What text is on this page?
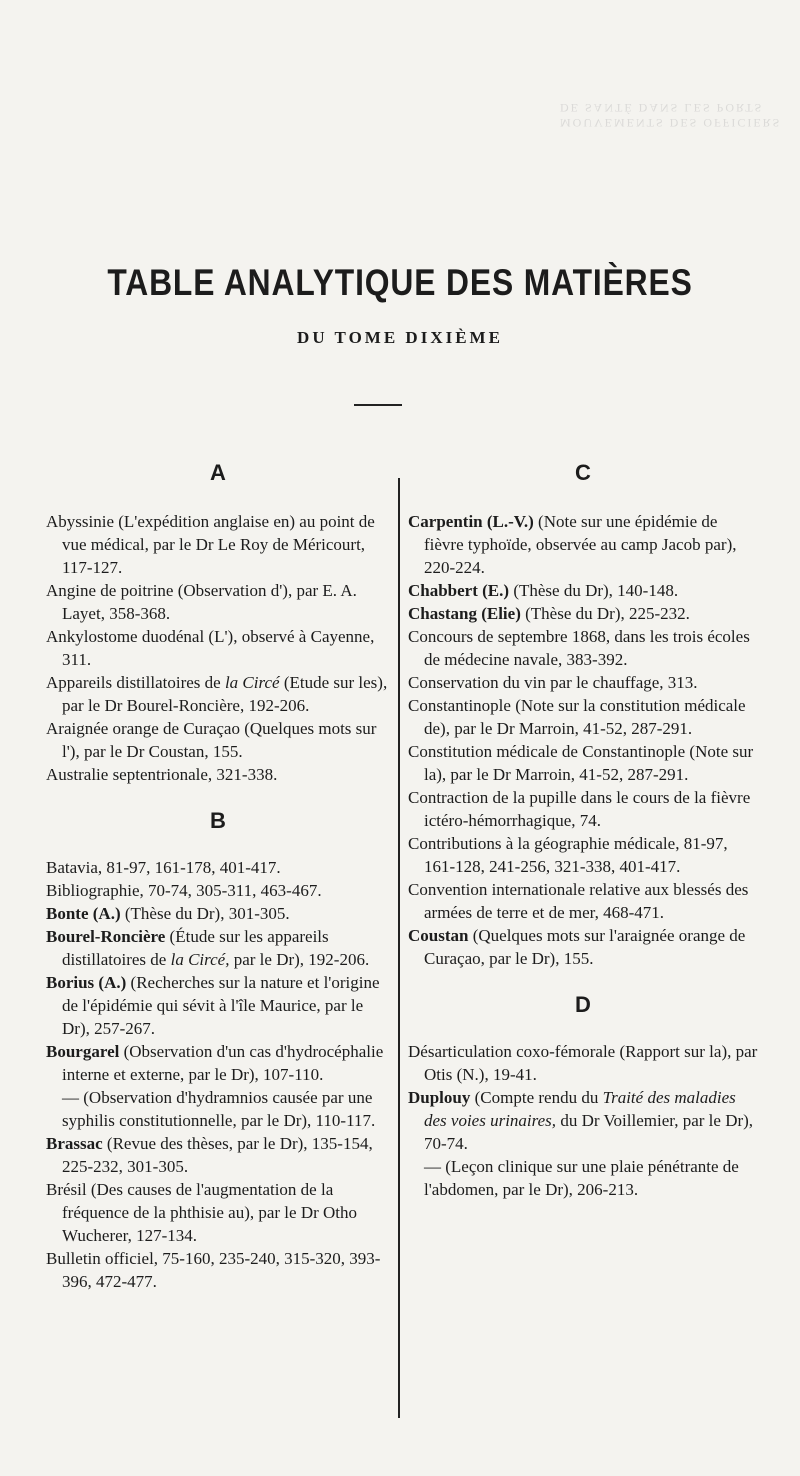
MOUVEMENTS DES OFFICIERS DE SANTÉ DANS LES PORTS
TABLE ANALYTIQUE DES MATIÈRES
DU TOME DIXIÈME
A

Abyssinie (L'expédition anglaise en) au point de vue médical, par le Dr Le Roy de Méricourt, 117-127.

Angine de poitrine (Observation d'), par E. A. Layet, 358-368.

Ankylostome duodénal (L'), observé à Cayenne, 311.

Appareils distillatoires de la Circé (Etude sur les), par le Dr Bourel-Roncière, 192-206.

Araignée orange de Curaçao (Quelques mots sur l'), par le Dr Coustan, 155.

Australie septentrionale, 321-338.

B

Batavia, 81-97, 161-178, 401-417.

Bibliographie, 70-74, 305-311, 463-467.

Bonte (A.) (Thèse du Dr), 301-305.

Bourel-Roncière (Étude sur les appareils distillatoires de la Circé, par le Dr), 192-206.

Borius (A.) (Recherches sur la nature et l'origine de l'épidémie qui sévit à l'île Maurice, par le Dr), 257-267.

Bourgarel (Observation d'un cas d'hydrocéphalie interne et externe, par le Dr), 107-110.

— (Observation d'hydramnios causée par une syphilis constitutionnelle, par le Dr), 110-117.

Brassac (Revue des thèses, par le Dr), 135-154, 225-232, 301-305.

Brésil (Des causes de l'augmentation de la fréquence de la phthisie au), par le Dr Otho Wucherer, 127-134.

Bulletin officiel, 75-160, 235-240, 315-320, 393-396, 472-477.

C

Carpentin (L.-V.) (Note sur une épidémie de fièvre typhoïde, observée au camp Jacob par), 220-224.

Chabbert (E.) (Thèse du Dr), 140-148.

Chastang (Elie) (Thèse du Dr), 225-232.

Concours de septembre 1868, dans les trois écoles de médecine navale, 383-392.

Conservation du vin par le chauffage, 313.

Constantinople (Note sur la constitution médicale de), par le Dr Marroin, 41-52, 287-291.

Constitution médicale de Constantinople (Note sur la), par le Dr Marroin, 41-52, 287-291.

Contraction de la pupille dans le cours de la fièvre ictéro-hémorrhagique, 74.

Contributions à la géographie médicale, 81-97, 161-128, 241-256, 321-338, 401-417.

Convention internationale relative aux blessés des armées de terre et de mer, 468-471.

Coustan (Quelques mots sur l'araignée orange de Curaçao, par le Dr), 155.

D

Désarticulation coxo-fémorale (Rapport sur la), par Otis (N.), 19-41.

Duplouy (Compte rendu du Traité des maladies des voies urinaires, du Dr Voillemier, par le Dr), 70-74.

— (Leçon clinique sur une plaie pénétrante de l'abdomen, par le Dr), 206-213.
